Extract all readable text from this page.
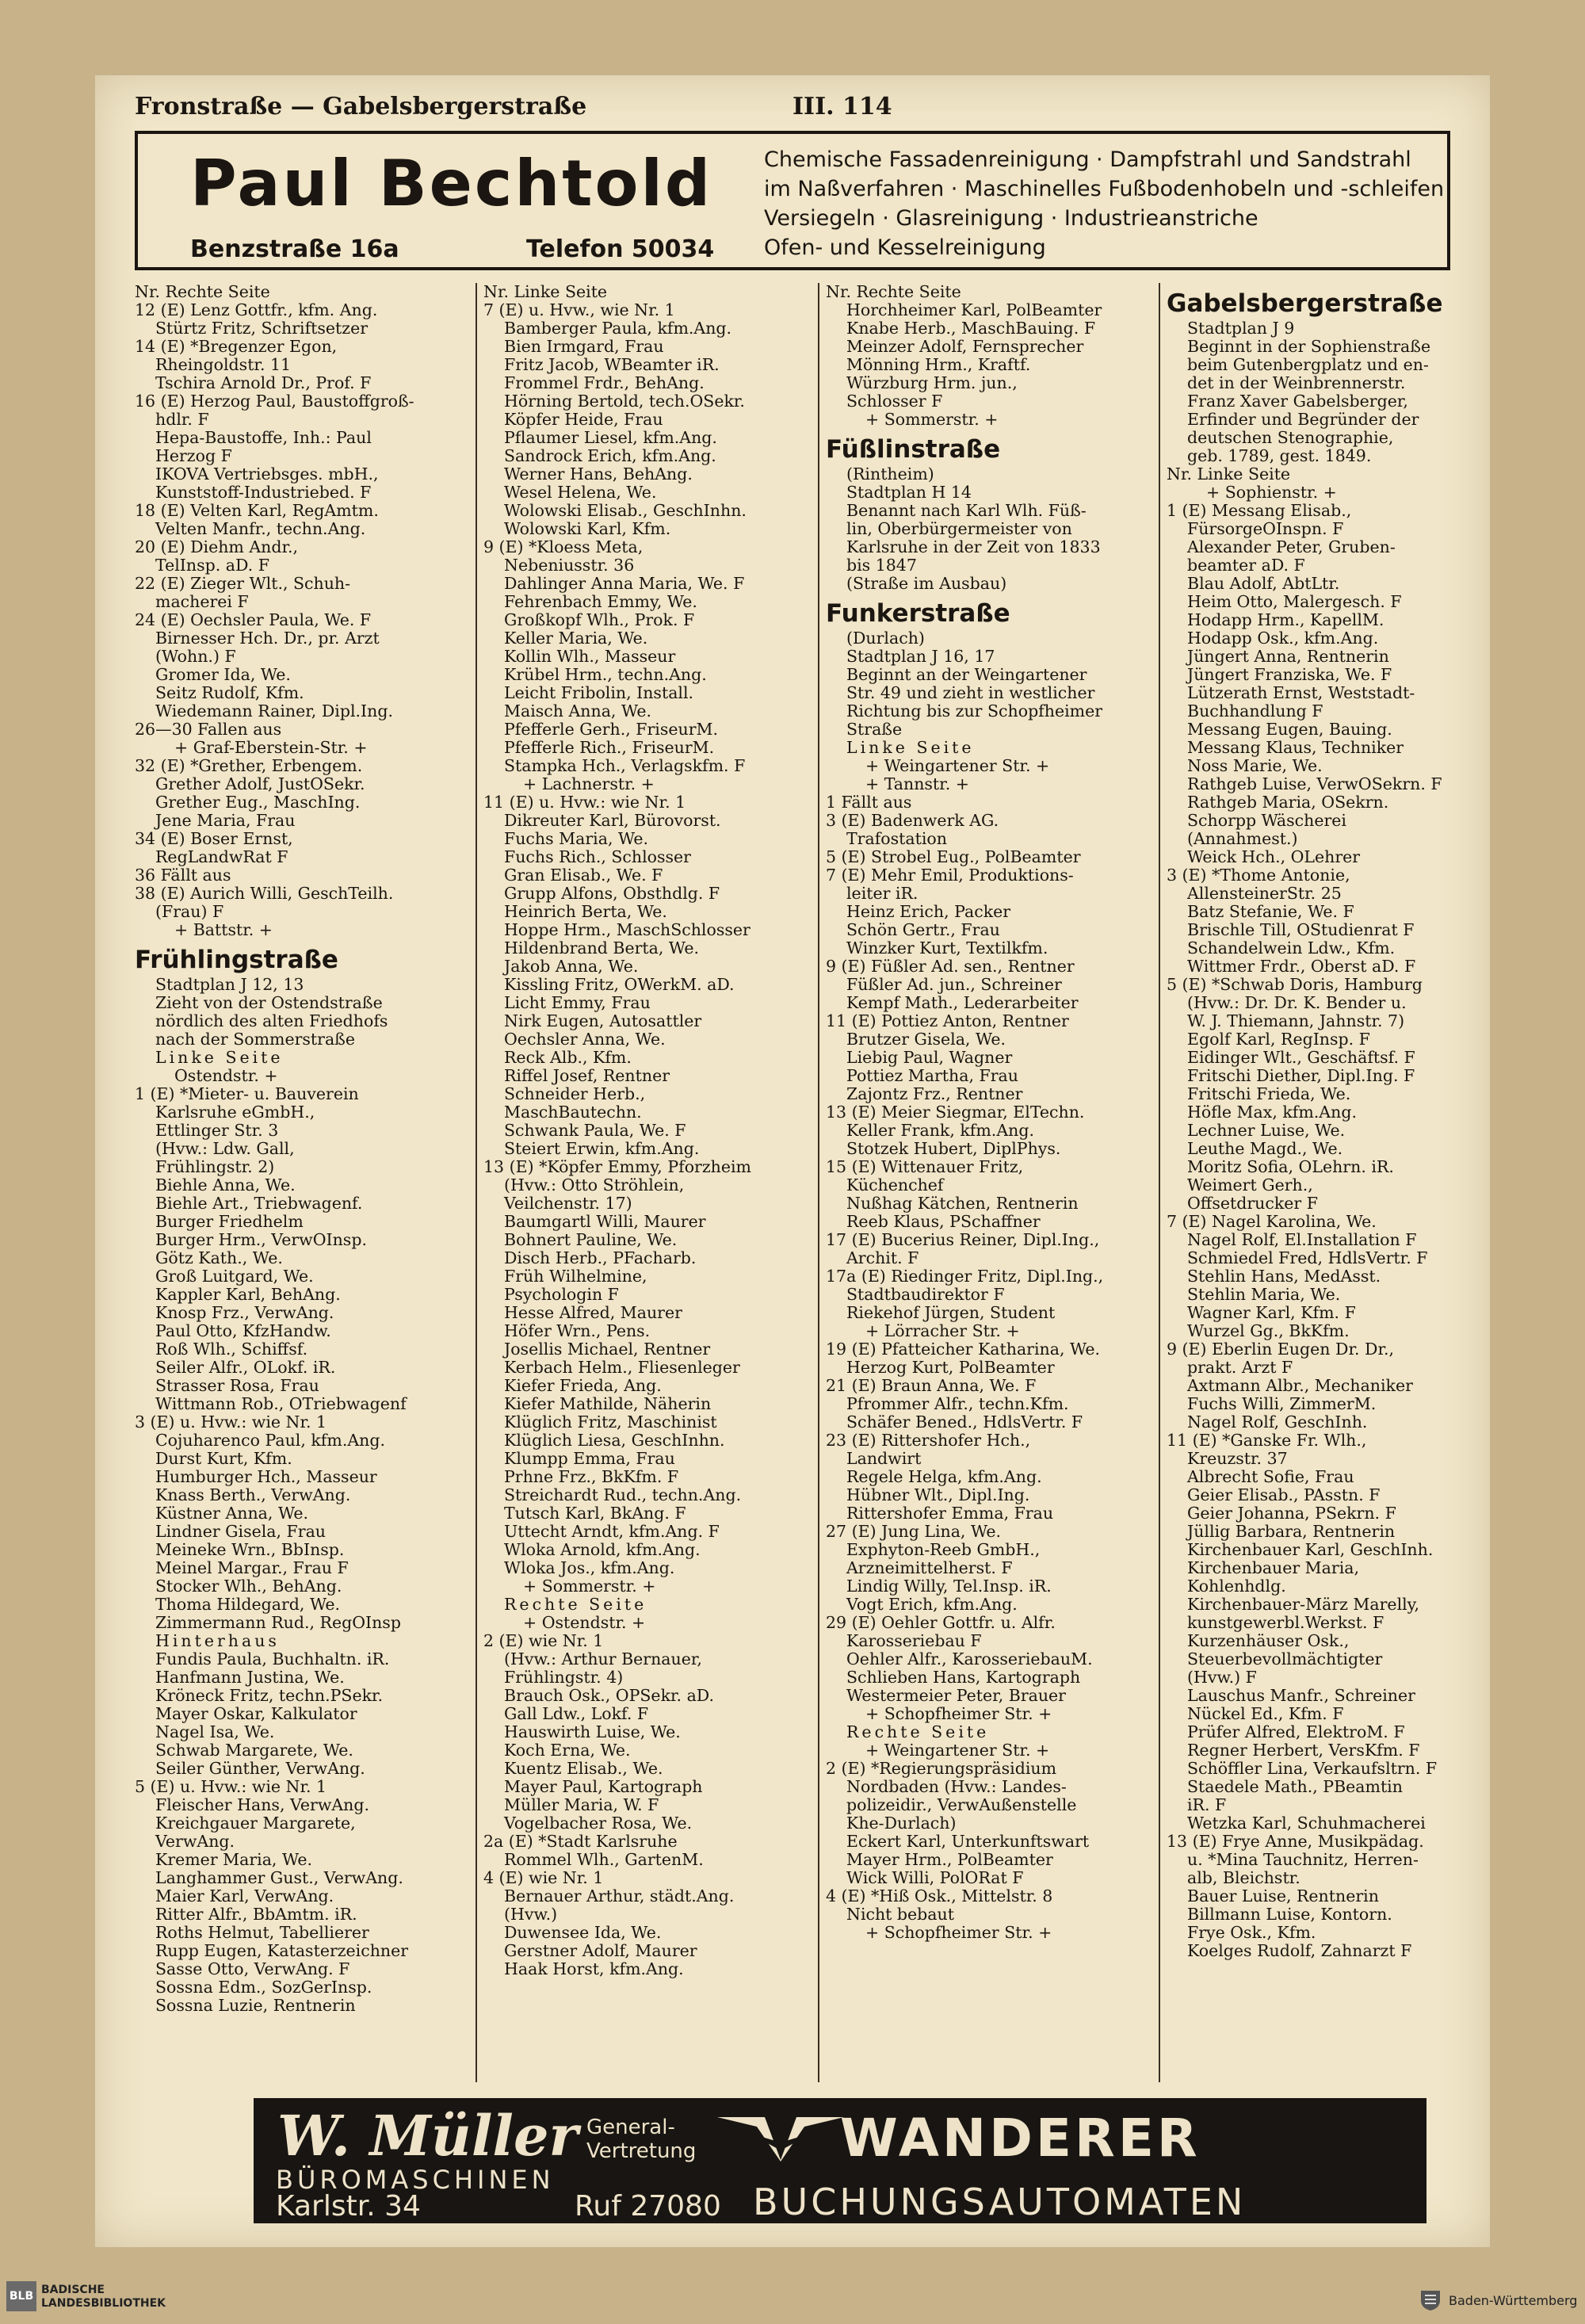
Fronstraße — Gabelsbergerstraße	III. 114
Paul Bechtold
Benzstraße 16a	Telefon 50034
Chemische Fassadenreinigung · Dampfstrahl und Sandstrahl
im Naßverfahren · Maschinelles Fußbodenhobeln und -schleifen
Versiegeln · Glasreinigung · Industrieanstriche
Ofen- und Kesselreinigung
Nr. Rechte Seite
12 (E) Lenz Gottfr., kfm. Ang.
Stürtz Fritz, Schriftsetzer
14 (E) *Bregenzer Egon,
Rheingoldstr. 11
Tschira Arnold Dr., Prof. F
16 (E) Herzog Paul, Baustoffgroß-
hdlr. F
Hepa-Baustoffe, Inh.: Paul
Herzog F
IKOVA Vertriebsges. mbH.,
Kunststoff-Industriebed. F
18 (E) Velten Karl, RegAmtm.
Velten Manfr., techn.Ang.
20 (E) Diehm Andr.,
TelInsp. aD. F
22 (E) Zieger Wlt., Schuh-
macherei F
24 (E) Oechsler Paula, We. F
Birnesser Hch. Dr., pr. Arzt
(Wohn.) F
Gromer Ida, We.
Seitz Rudolf, Kfm.
Wiedemann Rainer, Dipl.Ing.
26—30 Fallen aus
+ Graf-Eberstein-Str. +
32 (E) *Grether, Erbengem.
Grether Adolf, JustOSekr.
Grether Eug., MaschIng.
Jene Maria, Frau
34 (E) Boser Ernst,
RegLandwRat F
36 Fällt aus
38 (E) Aurich Willi, GeschTeilh.
(Frau) F
+ Battstr. +
Frühlingstraße
Stadtplan J 12, 13
Zieht von der Ostendstraße
nördlich des alten Friedhofs
nach der Sommerstraße
Linke Seite
Ostendstr. +
1 (E) *Mieter- u. Bauverein
Karlsruhe eGmbH.,
Ettlinger Str. 3
(Hvw.: Ldw. Gall,
Frühlingstr. 2)
Biehle Anna, We.
Biehle Art., Triebwagenf.
Burger Friedhelm
Burger Hrm., VerwOInsp.
Götz Kath., We.
Groß Luitgard, We.
Kappler Karl, BehAng.
Knosp Frz., VerwAng.
Paul Otto, KfzHandw.
Roß Wlh., Schiffsf.
Seiler Alfr., OLokf. iR.
Strasser Rosa, Frau
Wittmann Rob., OTriebwagenf
3 (E) u. Hvw.: wie Nr. 1
Cojuharenco Paul, kfm.Ang.
Durst Kurt, Kfm.
Humburger Hch., Masseur
Knass Berth., VerwAng.
Küstner Anna, We.
Lindner Gisela, Frau
Meineke Wrn., BbInsp.
Meinel Margar., Frau F
Stocker Wlh., BehAng.
Thoma Hildegard, We.
Zimmermann Rud., RegOInsp
Hinterhaus
Fundis Paula, Buchhaltn. iR.
Hanfmann Justina, We.
Kröneck Fritz, techn.PSekr.
Mayer Oskar, Kalkulator
Nagel Isa, We.
Schwab Margarete, We.
Seiler Günther, VerwAng.
5 (E) u. Hvw.: wie Nr. 1
Fleischer Hans, VerwAng.
Kreichgauer Margarete,
VerwAng.
Kremer Maria, We.
Langhammer Gust., VerwAng.
Maier Karl, VerwAng.
Ritter Alfr., BbAmtm. iR.
Roths Helmut, Tabellierer
Rupp Eugen, Katasterzeichner
Sasse Otto, VerwAng. F
Sossna Edm., SozGerInsp.
Sossna Luzie, Rentnerin
Nr. Linke Seite
7 (E) u. Hvw., wie Nr. 1
Bamberger Paula, kfm.Ang.
Bien Irmgard, Frau
Fritz Jacob, WBeamter iR.
Frommel Frdr., BehAng.
Hörning Bertold, tech.OSekr.
Köpfer Heide, Frau
Pflaumer Liesel, kfm.Ang.
Sandrock Erich, kfm.Ang.
Werner Hans, BehAng.
Wesel Helena, We.
Wolowski Elisab., GeschInhn.
Wolowski Karl, Kfm.
9 (E) *Kloess Meta,
Nebeniusstr. 36
Dahlinger Anna Maria, We. F
Fehrenbach Emmy, We.
Großkopf Wlh., Prok. F
Keller Maria, We.
Kollin Wlh., Masseur
Krübel Hrm., techn.Ang.
Leicht Fribolin, Install.
Maisch Anna, We.
Pfefferle Gerh., FriseurM.
Pfefferle Rich., FriseurM.
Stampka Hch., Verlagskfm. F
+ Lachnerstr. +
11 (E) u. Hvw.: wie Nr. 1
Dikreuter Karl, Bürovorst.
Fuchs Maria, We.
Fuchs Rich., Schlosser
Gran Elisab., We. F
Grupp Alfons, Obsthdlg. F
Heinrich Berta, We.
Hoppe Hrm., MaschSchlosser
Hildenbrand Berta, We.
Jakob Anna, We.
Kissling Fritz, OWerkM. aD.
Licht Emmy, Frau
Nirk Eugen, Autosattler
Oechsler Anna, We.
Reck Alb., Kfm.
Riffel Josef, Rentner
Schneider Herb.,
MaschBautechn.
Schwank Paula, We. F
Steiert Erwin, kfm.Ang.
13 (E) *Köpfer Emmy, Pforzheim
(Hvw.: Otto Ströhlein,
Veilchenstr. 17)
Baumgartl Willi, Maurer
Bohnert Pauline, We.
Disch Herb., PFacharb.
Früh Wilhelmine,
Psychologin F
Hesse Alfred, Maurer
Höfer Wrn., Pens.
Josellis Michael, Rentner
Kerbach Helm., Fliesenleger
Kiefer Frieda, Ang.
Kiefer Mathilde, Näherin
Klüglich Fritz, Maschinist
Klüglich Liesa, GeschInhn.
Klumpp Emma, Frau
Prhne Frz., BkKfm. F
Streichardt Rud., techn.Ang.
Tutsch Karl, BkAng. F
Uttecht Arndt, kfm.Ang. F
Wloka Arnold, kfm.Ang.
Wloka Jos., kfm.Ang.
+ Sommerstr. +
Rechte Seite
+ Ostendstr. +
2 (E) wie Nr. 1
(Hvw.: Arthur Bernauer,
Frühlingstr. 4)
Brauch Osk., OPSekr. aD.
Gall Ldw., Lokf. F
Hauswirth Luise, We.
Koch Erna, We.
Kuentz Elisab., We.
Mayer Paul, Kartograph
Müller Maria, W. F
Vogelbacher Rosa, We.
2a (E) *Stadt Karlsruhe
Rommel Wlh., GartenM.
4 (E) wie Nr. 1
Bernauer Arthur, städt.Ang.
(Hvw.)
Duwensee Ida, We.
Gerstner Adolf, Maurer
Haak Horst, kfm.Ang.
Nr. Rechte Seite
Horchheimer Karl, PolBeamter
Knabe Herb., MaschBauing. F
Meinzer Adolf, Fernsprecher
Mönning Hrm., Kraftf.
Würzburg Hrm. jun.,
Schlosser F
+ Sommerstr. +
Füßlinstraße
(Rintheim)
Stadtplan H 14
Benannt nach Karl Wlh. Füß-
lin, Oberbürgermeister von
Karlsruhe in der Zeit von 1833
bis 1847
(Straße im Ausbau)
Funkerstraße
(Durlach)
Stadtplan J 16, 17
Beginnt an der Weingartener
Str. 49 und zieht in westlicher
Richtung bis zur Schopfheimer
Straße
Linke Seite
+ Weingartener Str. +
+ Tannstr. +
1 Fällt aus
3 (E) Badenwerk AG.
Trafostation
5 (E) Strobel Eug., PolBeamter
7 (E) Mehr Emil, Produktions-
leiter iR.
Heinz Erich, Packer
Schön Gertr., Frau
Winzker Kurt, Textilkfm.
9 (E) Füßler Ad. sen., Rentner
Füßler Ad. jun., Schreiner
Kempf Math., Lederarbeiter
11 (E) Pottiez Anton, Rentner
Brutzer Gisela, We.
Liebig Paul, Wagner
Pottiez Martha, Frau
Zajontz Frz., Rentner
13 (E) Meier Siegmar, ElTechn.
Keller Frank, kfm.Ang.
Stotzek Hubert, DiplPhys.
15 (E) Wittenauer Fritz,
Küchenchef
Nußhag Kätchen, Rentnerin
Reeb Klaus, PSchaffner
17 (E) Bucerius Reiner, Dipl.Ing.,
Archit. F
17a (E) Riedinger Fritz, Dipl.Ing.,
Stadtbaudirektor F
Riekehof Jürgen, Student
+ Lörracher Str. +
19 (E) Pfatteicher Katharina, We.
Herzog Kurt, PolBeamter
21 (E) Braun Anna, We. F
Pfrommer Alfr., techn.Kfm.
Schäfer Bened., HdlsVertr. F
23 (E) Rittershofer Hch.,
Landwirt
Regele Helga, kfm.Ang.
Hübner Wlt., Dipl.Ing.
Rittershofer Emma, Frau
27 (E) Jung Lina, We.
Exphyton-Reeb GmbH.,
Arzneimittelherst. F
Lindig Willy, Tel.Insp. iR.
Vogt Erich, kfm.Ang.
29 (E) Oehler Gottfr. u. Alfr.
Karosseriebau F
Oehler Alfr., KarosseriebauM.
Schlieben Hans, Kartograph
Westermeier Peter, Brauer
+ Schopfheimer Str. +
Rechte Seite
+ Weingartener Str. +
2 (E) *Regierungspräsidium
Nordbaden (Hvw.: Landes-
polizeidir., VerwAußenstelle
Khe-Durlach)
Eckert Karl, Unterkunftswart
Mayer Hrm., PolBeamter
Wick Willi, PolORat F
4 (E) *Hiß Osk., Mittelstr. 8
Nicht bebaut
+ Schopfheimer Str. +
Gabelsbergerstraße
Stadtplan J 9
Beginnt in der Sophienstraße
beim Gutenbergplatz und en-
det in der Weinbrennerstr.
Franz Xaver Gabelsberger,
Erfinder und Begründer der
deutschen Stenographie,
geb. 1789, gest. 1849.
Nr. Linke Seite
+ Sophienstr. +
1 (E) Messang Elisab.,
FürsorgeOInspn. F
Alexander Peter, Gruben-
beamter aD. F
Blau Adolf, AbtLtr.
Heim Otto, Malergesch. F
Hodapp Hrm., KapellM.
Hodapp Osk., kfm.Ang.
Jüngert Anna, Rentnerin
Jüngert Franziska, We. F
Lützerath Ernst, Weststadt-
Buchhandlung F
Messang Eugen, Bauing.
Messang Klaus, Techniker
Noss Marie, We.
Rathgeb Luise, VerwOSekrn. F
Rathgeb Maria, OSekrn.
Schorpp Wäscherei
(Annahmest.)
Weick Hch., OLehrer
3 (E) *Thome Antonie,
AllensteinerStr. 25
Batz Stefanie, We. F
Brischle Till, OStudienrat F
Schandelwein Ldw., Kfm.
Wittmer Frdr., Oberst aD. F
5 (E) *Schwab Doris, Hamburg
(Hvw.: Dr. Dr. K. Bender u.
W. J. Thiemann, Jahnstr. 7)
Egolf Karl, RegInsp. F
Eidinger Wlt., Geschäftsf. F
Fritschi Diether, Dipl.Ing. F
Fritschi Frieda, We.
Höfle Max, kfm.Ang.
Lechner Luise, We.
Leuthe Magd., We.
Moritz Sofia, OLehrn. iR.
Weimert Gerh.,
Offsetdrucker F
7 (E) Nagel Karolina, We.
Nagel Rolf, El.Installation F
Schmiedel Fred, HdlsVertr. F
Stehlin Hans, MedAsst.
Stehlin Maria, We.
Wagner Karl, Kfm. F
Wurzel Gg., BkKfm.
9 (E) Eberlin Eugen Dr. Dr.,
prakt. Arzt F
Axtmann Albr., Mechaniker
Fuchs Willi, ZimmerM.
Nagel Rolf, GeschInh.
11 (E) *Ganske Fr. Wlh.,
Kreuzstr. 37
Albrecht Sofie, Frau
Geier Elisab., PAsstn. F
Geier Johanna, PSekrn. F
Jüllig Barbara, Rentnerin
Kirchenbauer Karl, GeschInh.
Kirchenbauer Maria,
Kohlenhdlg.
Kirchenbauer-März Marelly,
kunstgewerbl.Werkst. F
Kurzenhäuser Osk.,
Steuerbevollmächtigter
(Hvw.) F
Lauschus Manfr., Schreiner
Nückel Ed., Kfm. F
Prüfer Alfred, ElektroM. F
Regner Herbert, VersKfm. F
Schöffler Lina, Verkaufsltrn. F
Staedele Math., PBeamtin
iR. F
Wetzka Karl, Schuhmacherei
13 (E) Frye Anne, Musikpädag.
u. *Mina Tauchnitz, Herren-
alb, Bleichstr.
Bauer Luise, Rentnerin
Billmann Luise, Kontorn.
Frye Osk., Kfm.
Koelges Rudolf, Zahnarzt F
W. Müller
BÜROMASCHINEN
Karlstr. 34	Ruf 27080
General-
Vertretung	WANDERER
BUCHUNGSAUTOMATEN
BLB BADISCHE
LANDESBIBLIOTHEK	Baden-Württemberg
